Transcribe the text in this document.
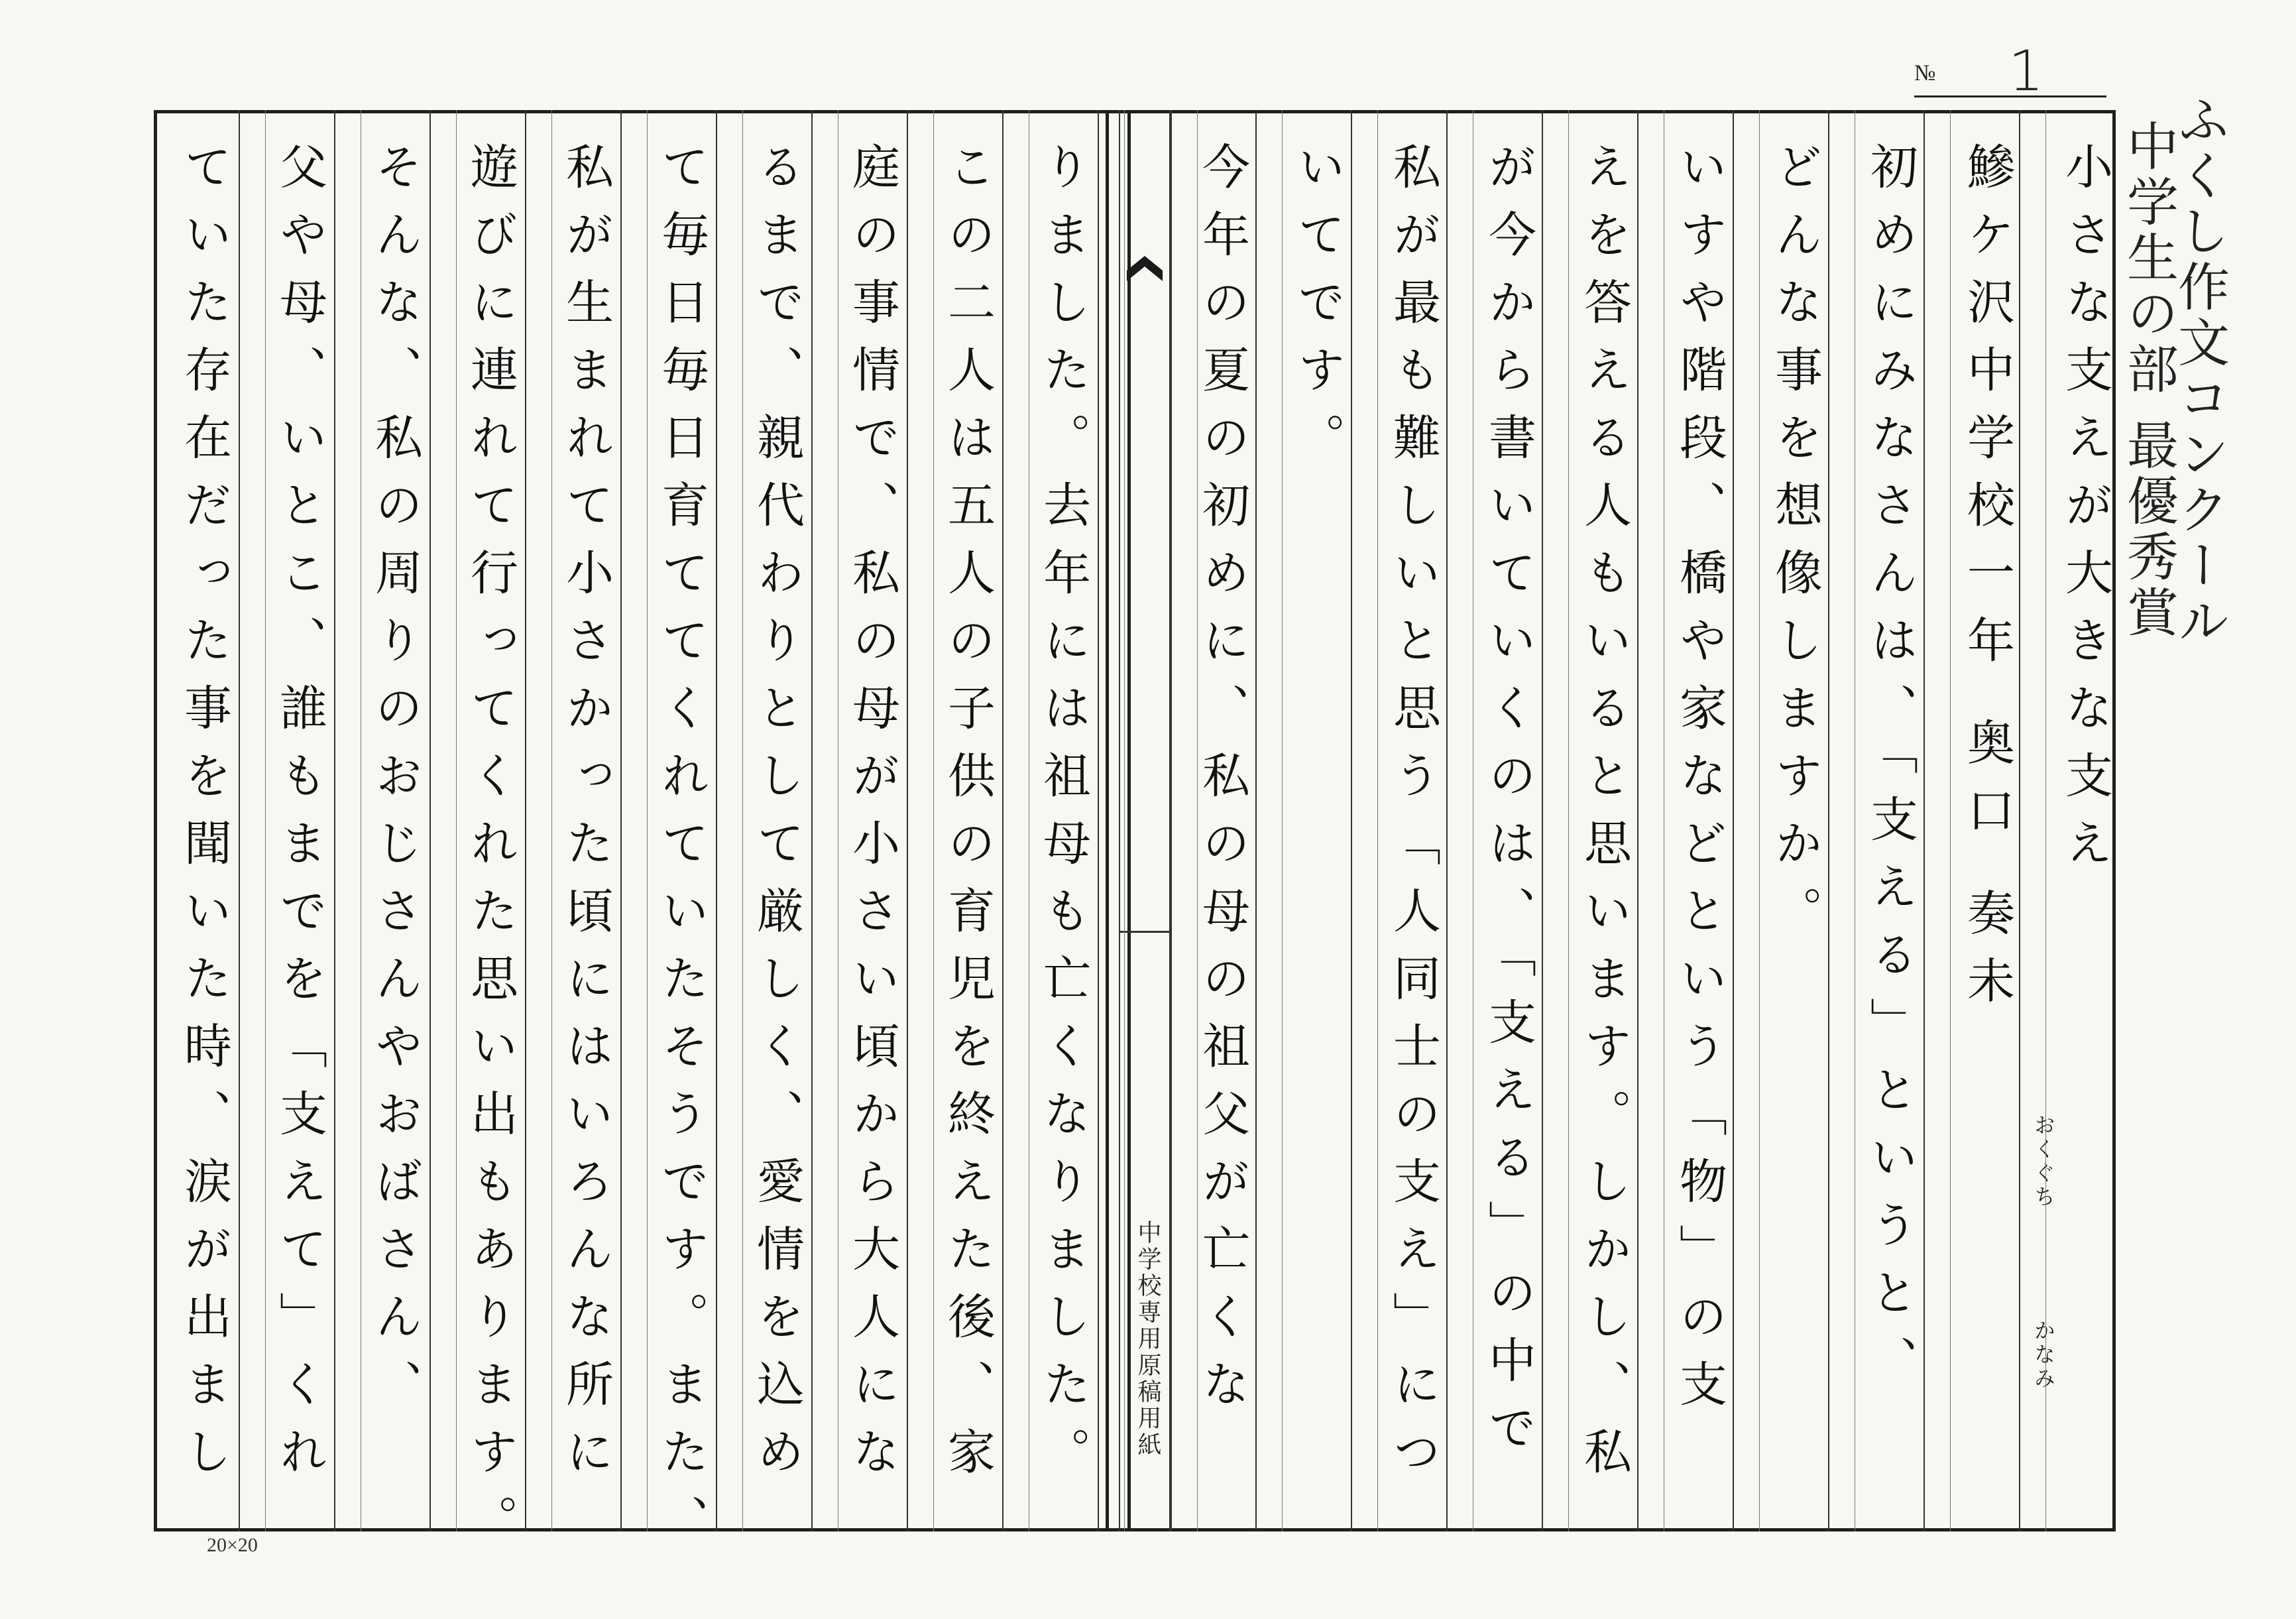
№ 1
ふくし作文コンクール
中学生の部 最優秀賞
中学校専用原稿用紙
小さな支えが大きな支え
鰺ケ沢中学校一年 奥口 奏未
おくぐち
かなみ
初めにみなさんは、「支える」というと、
どんな事を想像しますか。
いすや階段、橋や家などという「物」の支
えを答える人もいると思います。しかし、私
が今から書いていくのは、「支える」の中で
私が最も難しいと思う「人同士の支え」につ
いてです。
今年の夏の初めに、私の母の祖父が亡くな
りました。去年には祖母も亡くなりました。
この二人は五人の子供の育児を終えた後、家
庭の事情で、私の母が小さい頃から大人にな
るまで、親代わりとして厳しく、愛情を込め
て毎日毎日育ててくれていたそうです。また、
私が生まれて小さかった頃にはいろんな所に
遊びに連れて行ってくれた思い出もあります。
そんな、私の周りのおじさんやおばさん、
父や母、いとこ、誰もまでを「支えて」くれ
ていた存在だった事を聞いた時、涙が出まし
20×20
